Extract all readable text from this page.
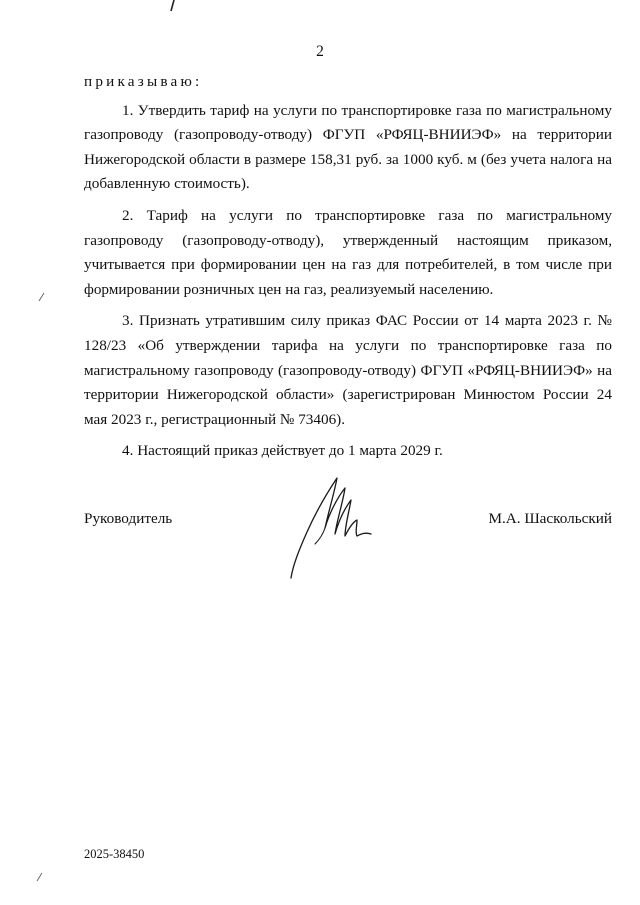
2

приказываю:

1. Утвердить тариф на услуги по транспортировке газа по магистральному газопроводу (газопроводу-отводу) ФГУП «РФЯЦ-ВНИИЭФ» на территории Нижегородской области в размере 158,31 руб. за 1000 куб. м (без учета налога на добавленную стоимость).

2. Тариф на услуги по транспортировке газа по магистральному газопроводу (газопроводу-отводу), утвержденный настоящим приказом, учитывается при формировании цен на газ для потребителей, в том числе при формировании розничных цен на газ, реализуемый населению.

3. Признать утратившим силу приказ ФАС России от 14 марта 2023 г. № 128/23 «Об утверждении тарифа на услуги по транспортировке газа по магистральному газопроводу (газопроводу-отводу) ФГУП «РФЯЦ-ВНИИЭФ» на территории Нижегородской области» (зарегистрирован Минюстом России 24 мая 2023 г., регистрационный № 73406).

4. Настоящий приказ действует до 1 марта 2029 г.

Руководитель	М.А. Шаскольский
2025-38450
